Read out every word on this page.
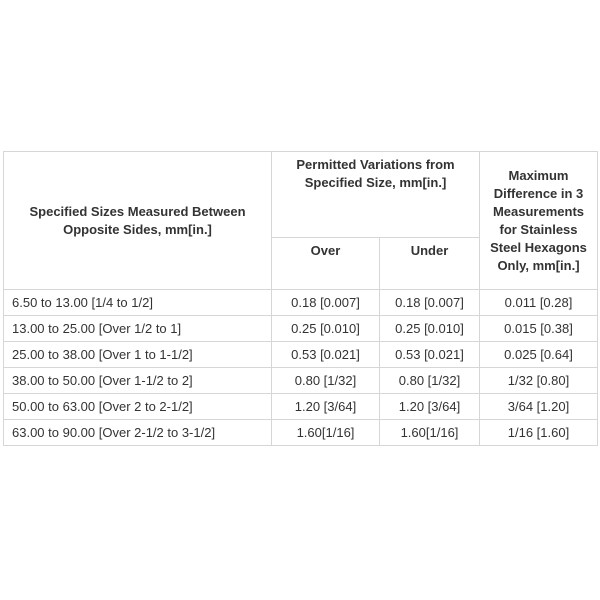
Specified Sizes Measured Between Opposite Sides, mm[in.]	Permitted Variations from Specified Size, mm[in.]		Maximum Difference in 3 Measurements for Stainless Steel Hexagons Only, mm[in.]
	Over	Under	
6.50 to 13.00 [1/4 to 1/2]	0.18 [0.007]	0.18 [0.007]	0.011 [0.28]
13.00 to 25.00 [Over 1/2 to 1]	0.25 [0.010]	0.25 [0.010]	0.015 [0.38]
25.00 to 38.00 [Over 1 to 1-1/2]	0.53 [0.021]	0.53 [0.021]	0.025 [0.64]
38.00 to 50.00 [Over 1-1/2 to 2]	0.80 [1/32]	0.80 [1/32]	1/32 [0.80]
50.00 to 63.00 [Over 2 to 2-1/2]	1.20 [3/64]	1.20 [3/64]	3/64 [1.20]
63.00 to 90.00 [Over 2-1/2 to 3-1/2]	1.60[1/16]	1.60[1/16]	1/16 [1.60]
